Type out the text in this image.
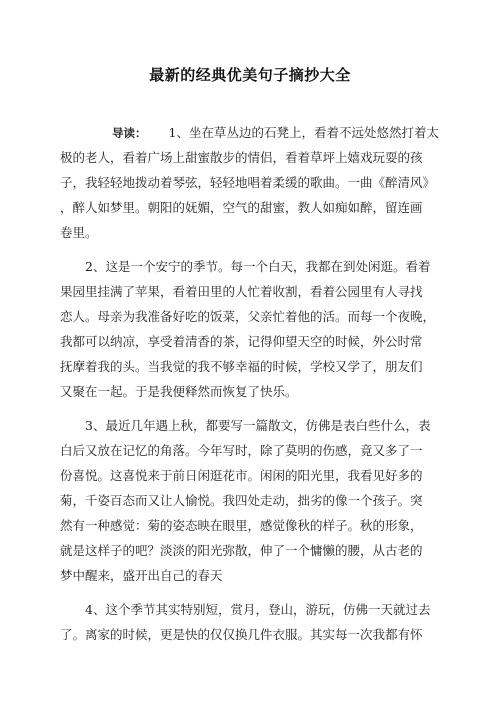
最新的经典优美句子摘抄大全
导读： 1、坐在草丛边的石凳上，看着不远处悠然打着太
极的老人，看着广场上甜蜜散步的情侣，看着草坪上嬉戏玩耍的孩
子，我轻轻地拨动着琴弦，轻轻地唱着柔缓的歌曲。一曲《醉清风》
，醉人如梦里。朝阳的妩媚，空气的甜蜜，教人如痴如醉，留连画
卷里。
2、这是一个安宁的季节。每一个白天，我都在到处闲逛。看着
果园里挂满了苹果，看着田里的人忙着收割，看着公园里有人寻找
恋人。母亲为我准备好吃的饭菜，父亲忙着他的活。而每一个夜晚，
我都可以纳凉，享受着清香的茶，记得仰望天空的时候，外公时常
抚摩着我的头。当我觉的我不够幸福的时候，学校又学了，朋友们
又聚在一起。于是我便释然而恢复了快乐。
3、最近几年遇上秋，都要写一篇散文，仿佛是表白些什么，表
白后又放在记忆的角落。今年写时，除了莫明的伤感，竟又多了一
份喜悦。这喜悦来于前日闲逛花市。闲闲的阳光里，我看见好多的
菊，千姿百态而又让人愉悦。我四处走动，拙劣的像一个孩子。突
然有一种感觉：菊的姿态映在眼里，感觉像秋的样子。秋的形象，
就是这样子的吧？淡淡的阳光弥散，伸了一个慵懒的腰，从古老的
梦中醒来，盛开出自己的春天
4、这个季节其实特别短，赏月，登山，游玩，仿佛一天就过去
了。离家的时候，更是快的仅仅换几件衣服。其实每一次我都有怀
